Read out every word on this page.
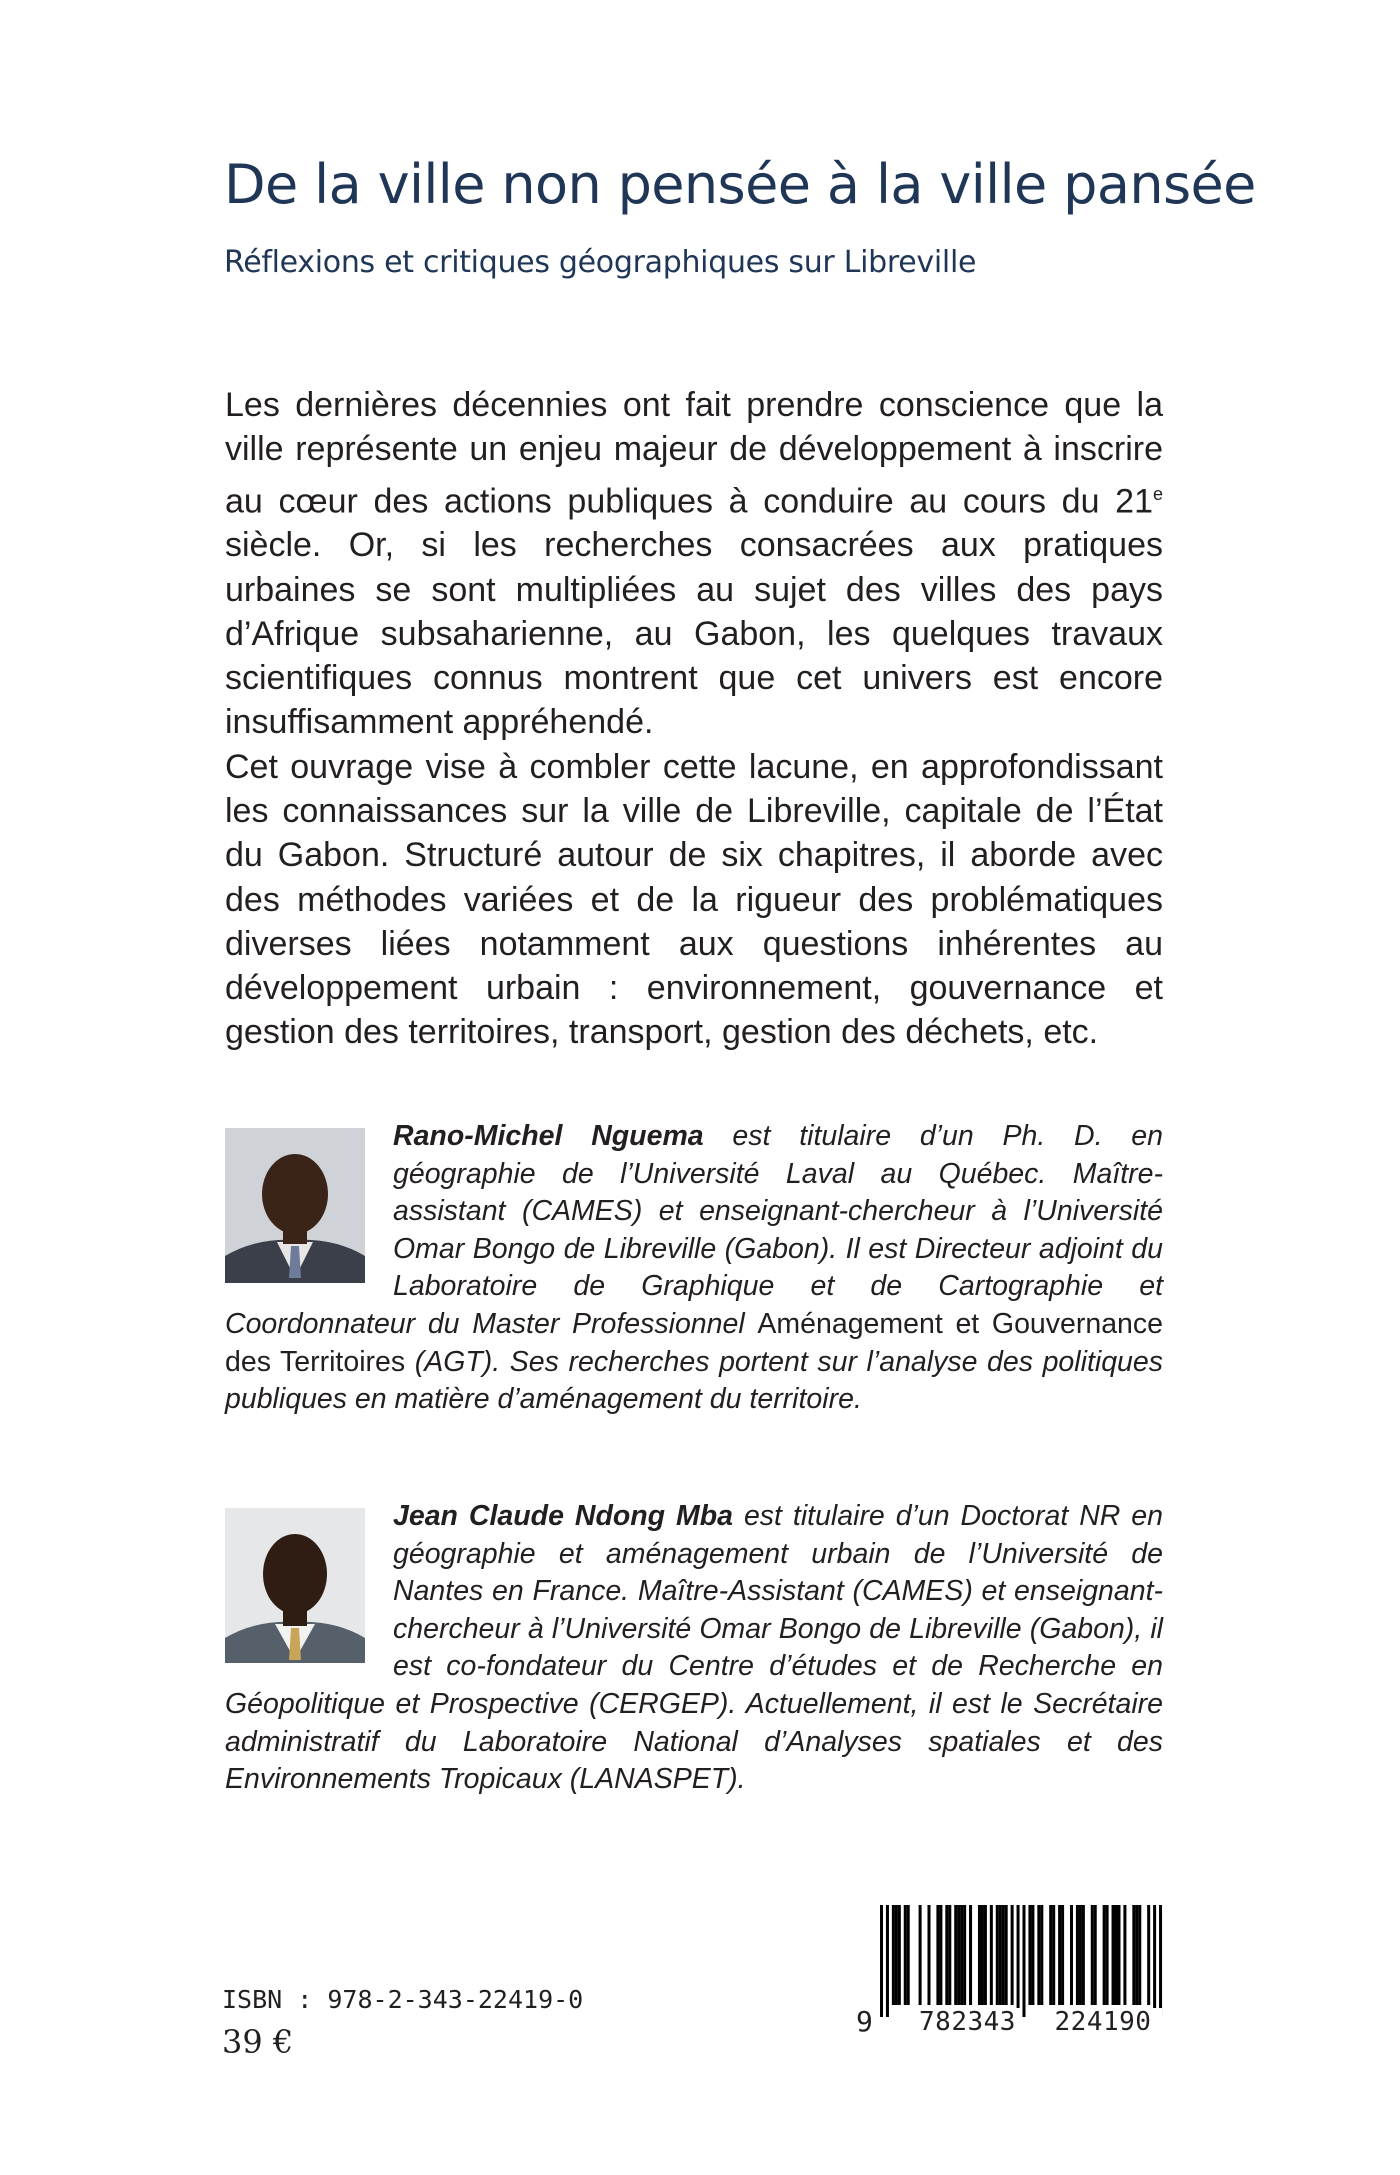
De la ville non pensée à la ville pansée
Réflexions et critiques géographiques sur Libreville

Les dernières décennies ont fait prendre conscience que la ville représente un enjeu majeur de développement à inscrire au cœur des actions publiques à conduire au cours du 21e siècle. Or, si les recherches consacrées aux pratiques urbaines se sont multipliées au sujet des villes des pays d’Afrique subsaharienne, au Gabon, les quelques travaux scientifiques connus montrent que cet univers est encore insuffisamment appréhendé.

Cet ouvrage vise à combler cette lacune, en approfondissant les connaissances sur la ville de Libreville, capitale de l’État du Gabon. Structuré autour de six chapitres, il aborde avec des méthodes variées et de la rigueur des problématiques diverses liées notamment aux questions inhérentes au développement urbain : environnement, gouvernance et gestion des territoires, transport, gestion des déchets, etc.

Rano-Michel Nguema est titulaire d’un Ph. D. en géographie de l’Université Laval au Québec. Maître-assistant (CAMES) et enseignant-chercheur à l’Université Omar Bongo de Libreville (Gabon). Il est Directeur adjoint du Laboratoire de Graphique et de Cartographie et Coordonnateur du Master Professionnel Aménagement et Gouvernance des Territoires (AGT). Ses recherches portent sur l’analyse des politiques publiques en matière d’aménagement du territoire.
Jean Claude Ndong Mba est titulaire d’un Doctorat NR en géographie et aménagement urbain de l’Université de Nantes en France. Maître-Assistant (CAMES) et enseignant-chercheur à l’Université Omar Bongo de Libreville (Gabon), il est co-fondateur du Centre d’études et de Recherche en Géopolitique et Prospective (CERGEP). Actuellement, il est le Secrétaire administratif du Laboratoire National d’Analyses spatiales et des Environnements Tropicaux (LANASPET).
ISBN : 978-2-343-22419-0
39 €
9 782343	224190
